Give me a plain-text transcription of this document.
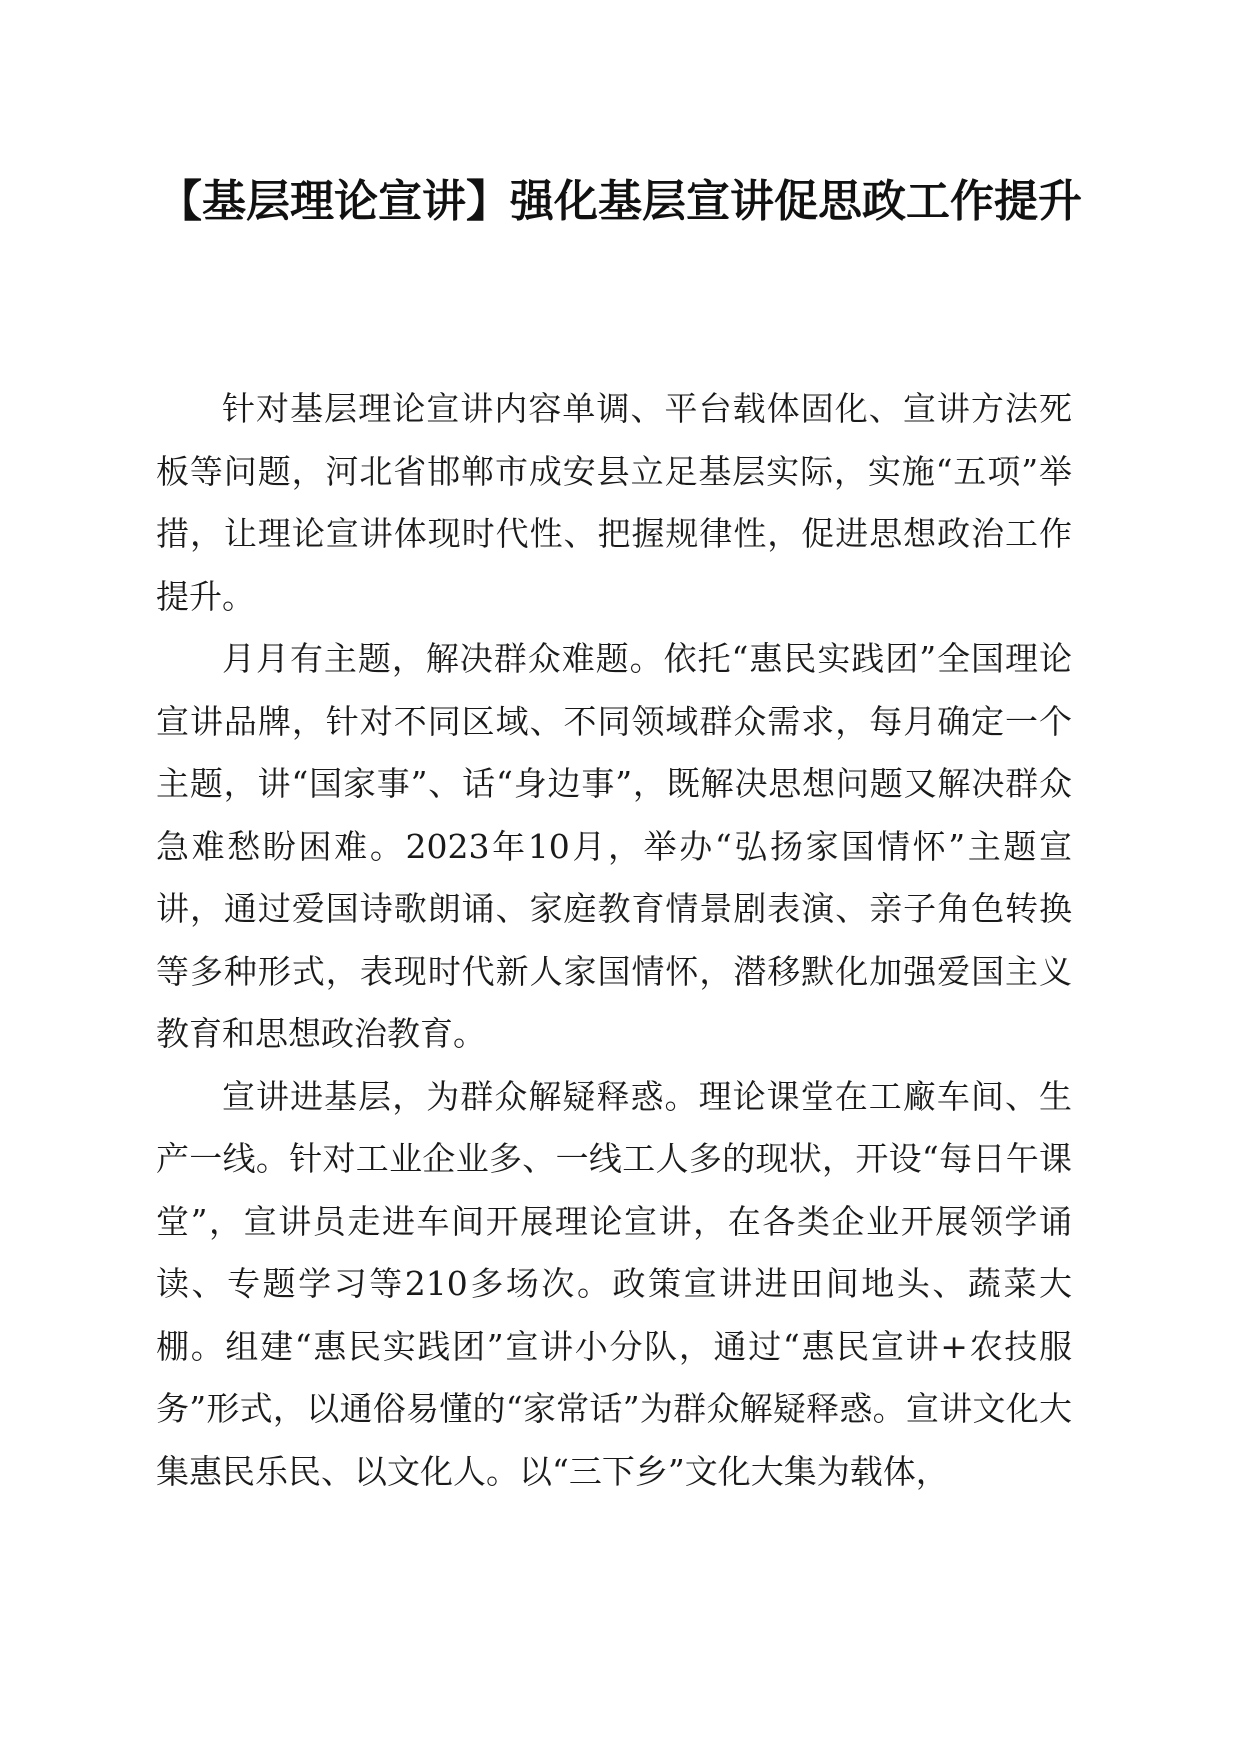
【基层理论宣讲】强化基层宣讲促思政工作提升

针对基层理论宣讲内容单调、平台载体固化、宣讲方法死板等问题，河北省邯郸市成安县立足基层实际，实施“五项”举措，让理论宣讲体现时代性、把握规律性，促进思想政治工作提升。

月月有主题，解决群众难题。依托“惠民实践团”全国理论宣讲品牌，针对不同区域、不同领域群众需求，每月确定一个主题，讲“国家事”、话“身边事”，既解决思想问题又解决群众急难愁盼困难。2023年10月，举办“弘扬家国情怀”主题宣讲，通过爱国诗歌朗诵、家庭教育情景剧表演、亲子角色转换等多种形式，表现时代新人家国情怀，潜移默化加强爱国主义教育和思想政治教育。

宣讲进基层，为群众解疑释惑。理论课堂在工廠车间、生产一线。针对工业企业多、一线工人多的现状，开设“每日午课堂”，宣讲员走进车间开展理论宣讲，在各类企业开展领学诵读、专题学习等210多场次。政策宣讲进田间地头、蔬菜大棚。组建“惠民实践团”宣讲小分队，通过“惠民宣讲+农技服务”形式，以通俗易懂的“家常话”为群众解疑释惑。宣讲文化大集惠民乐民、以文化人。以“三下乡”文化大集为载体，
